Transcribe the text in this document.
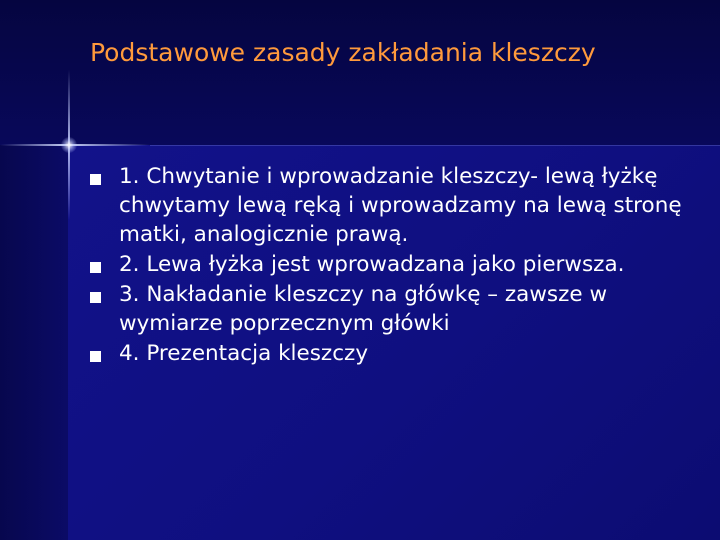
Podstawowe zasady zakładania kleszczy
1. Chwytanie i wprowadzanie kleszczy- lewą łyżkę chwytamy lewą ręką i wprowadzamy na lewą stronę matki, analogicznie prawą.
2. Lewa łyżka jest wprowadzana jako pierwsza.
3. Nakładanie kleszczy na główkę – zawsze w wymiarze poprzecznym główki
4. Prezentacja kleszczy
